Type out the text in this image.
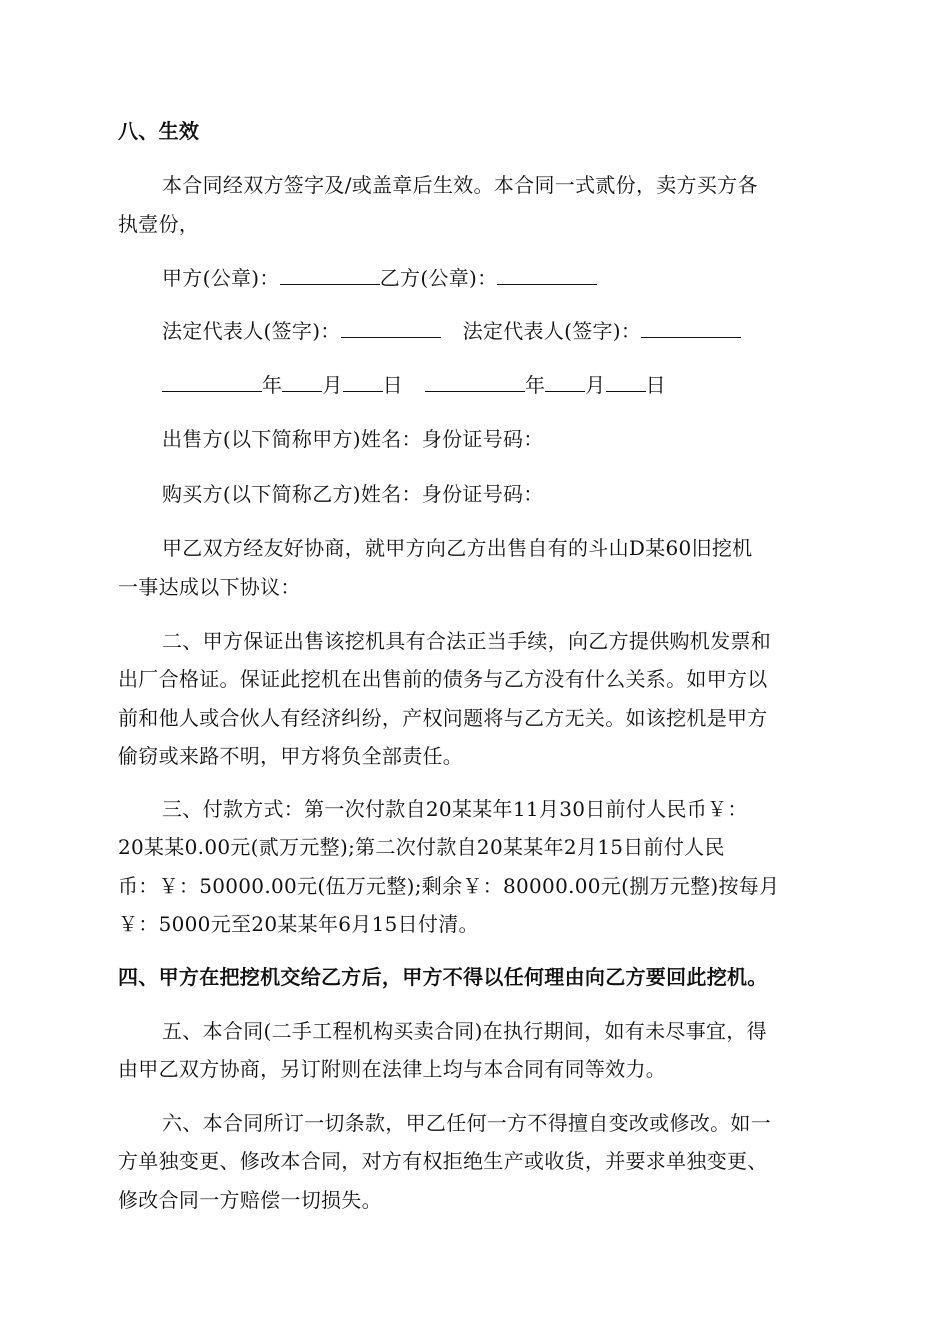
八、生效
本合同经双方签字及/或盖章后生效。本合同一式贰份，卖方买方各
执壹份，
甲方(公章)：	乙方(公章)：
法定代表人(签字)：	法定代表人(签字)：
年 月 日	年 月 日
出售方(以下简称甲方)姓名：身份证号码：
购买方(以下简称乙方)姓名：身份证号码：
甲乙双方经友好协商，就甲方向乙方出售自有的斗山D某60旧挖机
一事达成以下协议：
二、甲方保证出售该挖机具有合法正当手续，向乙方提供购机发票和
出厂合格证。保证此挖机在出售前的债务与乙方没有什么关系。如甲方以
前和他人或合伙人有经济纠纷，产权问题将与乙方无关。如该挖机是甲方
偷窃或来路不明，甲方将负全部责任。
三、付款方式：第一次付款自20某某年11月30日前付人民币￥：
20某某0.00元(贰万元整);第二次付款自20某某年2月15日前付人民
币：￥：50000.00元(伍万元整);剩余￥：80000.00元(捌万元整)按每月
￥：5000元至20某某年6月15日付清。
四、甲方在把挖机交给乙方后，甲方不得以任何理由向乙方要回此挖机。
五、本合同(二手工程机构买卖合同)在执行期间，如有未尽事宜，得
由甲乙双方协商，另订附则在法律上均与本合同有同等效力。
六、本合同所订一切条款，甲乙任何一方不得擅自变改或修改。如一
方单独变更、修改本合同，对方有权拒绝生产或收货，并要求单独变更、
修改合同一方赔偿一切损失。
